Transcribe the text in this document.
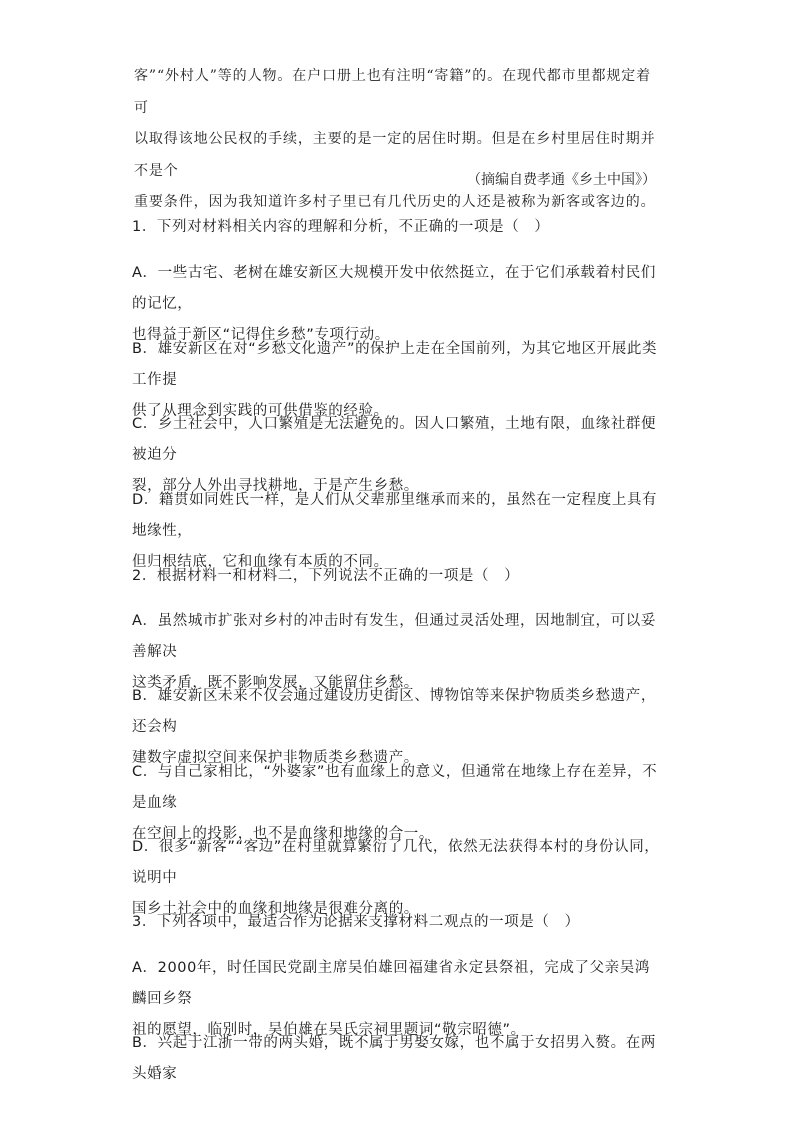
客”“外村人”等的人物。在户口册上也有注明“寄籍”的。在现代都市里都规定着可

以取得该地公民权的手续，主要的是一定的居住时期。但是在乡村里居住时期并不是个

重要条件，因为我知道许多村子里已有几代历史的人还是被称为新客或客边的。

（摘编自费孝通《乡土中国》）

1．下列对材料相关内容的理解和分析，不正确的一项是（　）

A．一些古宅、老树在雄安新区大规模开发中依然挺立，在于它们承载着村民们的记忆，

也得益于新区“记得住乡愁”专项行动。

B．雄安新区在对“乡愁文化遗产”的保护上走在全国前列，为其它地区开展此类工作提

供了从理念到实践的可供借鉴的经验。

C．乡土社会中，人口繁殖是无法避免的。因人口繁殖，土地有限，血缘社群便被迫分

裂，部分人外出寻找耕地，于是产生乡愁。

D．籍贯如同姓氏一样，是人们从父辈那里继承而来的，虽然在一定程度上具有地缘性，

但归根结底，它和血缘有本质的不同。

2．根据材料一和材料二，下列说法不正确的一项是（　）

A．虽然城市扩张对乡村的冲击时有发生，但通过灵活处理，因地制宜，可以妥善解决

这类矛盾，既不影响发展，又能留住乡愁。

B．雄安新区未来不仅会通过建设历史街区、博物馆等来保护物质类乡愁遗产，还会构

建数字虚拟空间来保护非物质类乡愁遗产。

C．与自己家相比，“外婆家”也有血缘上的意义，但通常在地缘上存在差异，不是血缘

在空间上的投影，也不是血缘和地缘的合一。

D．很多“新客”“客边”在村里就算繁衍了几代，依然无法获得本村的身份认同，说明中

国乡土社会中的血缘和地缘是很难分离的。

3．下列各项中，最适合作为论据来支撑材料二观点的一项是（　）

A．2000年，时任国民党副主席吴伯雄回福建省永定县祭祖，完成了父亲吴鸿麟回乡祭

祖的愿望，临别时，吴伯雄在吴氏宗祠里题词“敬宗昭德”。

B．兴起于江浙一带的两头婚，既不属于男娶女嫁，也不属于女招男入赘。在两头婚家
